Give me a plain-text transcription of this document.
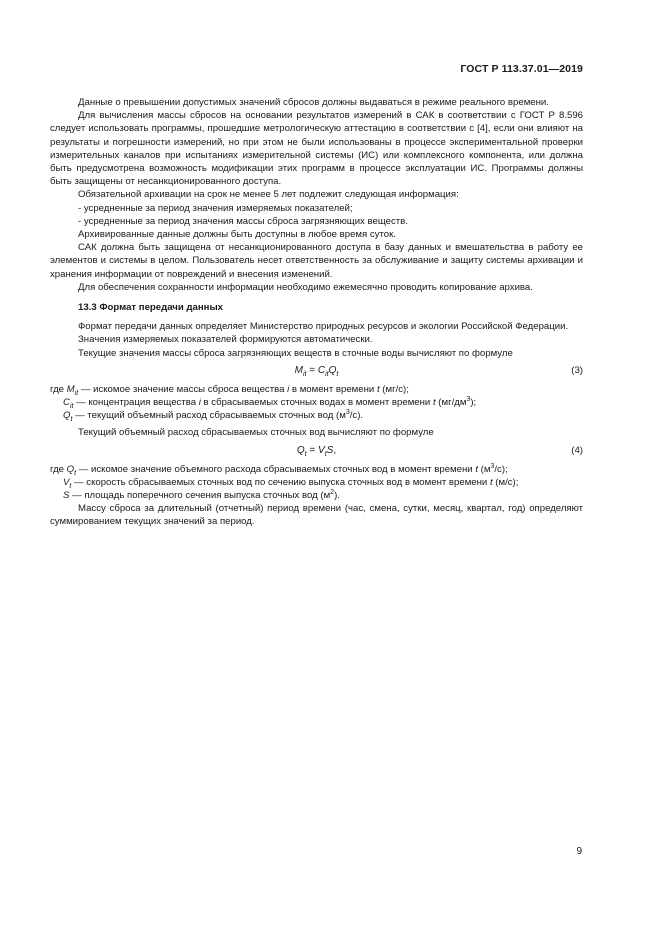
ГОСТ Р 113.37.01—2019

Данные о превышении допустимых значений сбросов должны выдаваться в режиме реального времени.

Для вычисления массы сбросов на основании результатов измерений в САК в соответствии с ГОСТ Р 8.596 следует использовать программы, прошедшие метрологическую аттестацию в соответствии с [4], если они влияют на результаты и погрешности измерений, но при этом не были использованы в процессе экспериментальной проверки измерительных каналов при испытаниях измерительной системы (ИС) или комплексного компонента, или должна быть предусмотрена возможность модификации этих программ в процессе эксплуатации ИС. Программы должны быть защищены от несанкционированного доступа.

Обязательной архивации на срок не менее 5 лет подлежит следующая информация:

- усредненные за период значения измеряемых показателей;

- усредненные за период значения массы сброса загрязняющих веществ.

Архивированные данные должны быть доступны в любое время суток.

САК должна быть защищена от несанкционированного доступа в базу данных и вмешательства в работу ее элементов и системы в целом. Пользователь несет ответственность за обслуживание и защиту системы архивации и хранения информации от повреждений и внесения изменений.

Для обеспечения сохранности информации необходимо ежемесячно проводить копирование архива.

13.3 Формат передачи данных

Формат передачи данных определяет Министерство природных ресурсов и экологии Российской Федерации.

Значения измеряемых показателей формируются автоматически.

Текущие значения массы сброса загрязняющих веществ в сточные воды вычисляют по формуле

$M_{it} = C_{it}Q_t$	(3)

где $M_{it}$ — искомое значение массы сброса вещества i в момент времени t (мг/с);

$C_{it}$ — концентрация вещества i в сбрасываемых сточных водах в момент времени t $(мг/дм^3)$;

$Q_t$ — текущий объемный расход сбрасываемых сточных вод $(м^3/с)$.

Текущий объемный расход сбрасываемых сточных вод вычисляют по формуле

$Q_t = V_tS$,	(4)

где $Q_t$ — искомое значение объемного расхода сбрасываемых сточных вод в момент времени t $(м^3/с)$;

$V_t$ — скорость сбрасываемых сточных вод по сечению выпуска сточных вод в момент времени t (м/с);

S — площадь поперечного сечения выпуска сточных вод $(м^2)$.

Массу сброса за длительный (отчетный) период времени (час, смена, сутки, месяц, квартал, год) определяют суммированием текущих значений за период.

9
